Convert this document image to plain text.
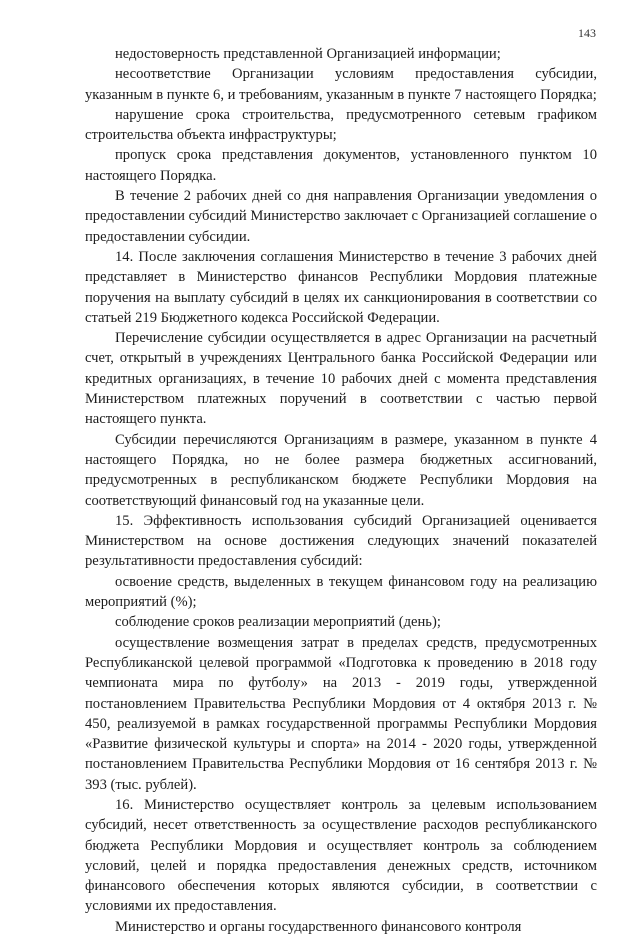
143

недостоверность представленной Организацией информации;

несоответствие Организации условиям предоставления субсидии, указанным в пункте 6, и требованиям, указанным в пункте 7 настоящего Порядка;

нарушение срока строительства, предусмотренного сетевым графиком строительства объекта инфраструктуры;

пропуск срока представления документов, установленного пунктом 10 настоящего Порядка.

В течение 2 рабочих дней со дня направления Организации уведомления о предоставлении субсидий Министерство заключает с Организацией соглашение о предоставлении субсидии.

14. После заключения соглашения Министерство в течение 3 рабочих дней представляет в Министерство финансов Республики Мордовия платежные поручения на выплату субсидий в целях их санкционирования в соответствии со статьей 219 Бюджетного кодекса Российской Федерации.

Перечисление субсидии осуществляется в адрес Организации на расчетный счет, открытый в учреждениях Центрального банка Российской Федерации или кредитных организациях, в течение 10 рабочих дней с момента представления Министерством платежных поручений в соответствии с частью первой настоящего пункта.

Субсидии перечисляются Организациям в размере, указанном в пункте 4 настоящего Порядка, но не более размера бюджетных ассигнований, предусмотренных в республиканском бюджете Республики Мордовия на соответствующий финансовый год на указанные цели.

15. Эффективность использования субсидий Организацией оценивается Министерством на основе достижения следующих значений показателей результативности предоставления субсидий:

освоение средств, выделенных в текущем финансовом году на реализацию мероприятий (%);

соблюдение сроков реализации мероприятий (день);

осуществление возмещения затрат в пределах средств, предусмотренных Республиканской целевой программой «Подготовка к проведению в 2018 году чемпионата мира по футболу» на 2013 - 2019 годы, утвержденной постановлением Правительства Республики Мордовия от 4 октября 2013 г. № 450, реализуемой в рамках государственной программы Республики Мордовия «Развитие физической культуры и спорта» на 2014 - 2020 годы, утвержденной постановлением Правительства Республики Мордовия от 16 сентября 2013 г. № 393 (тыс. рублей).

16. Министерство осуществляет контроль за целевым использованием субсидий, несет ответственность за осуществление расходов республиканского бюджета Республики Мордовия и осуществляет контроль за соблюдением условий, целей и порядка предоставления денежных средств, источником финансового обеспечения которых являются субсидии, в соответствии с условиями их предоставления.

Министерство и органы государственного финансового контроля
